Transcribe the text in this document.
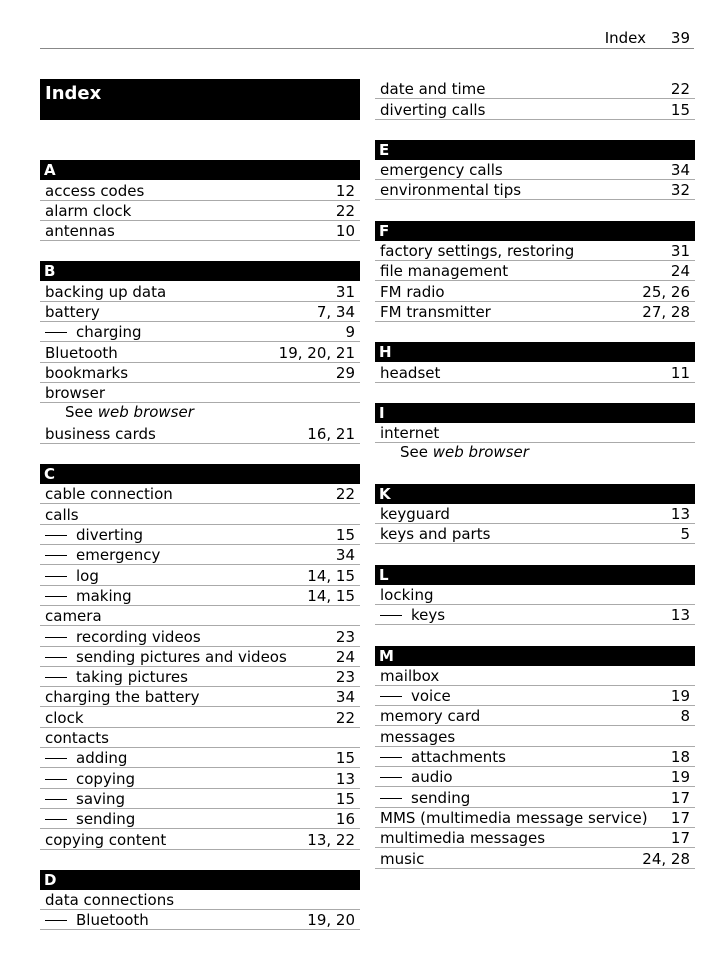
Index 39
Index
A
access codes	12
alarm clock	22
antennas	10
B
backing up data	31
battery	7, 34
charging	9
Bluetooth	19, 20, 21
bookmarks	29
browser
See web browser
business cards	16, 21
C
cable connection	22
calls
diverting	15
emergency	34
log	14, 15
making	14, 15
camera
recording videos	23
sending pictures and videos	24
taking pictures	23
charging the battery	34
clock	22
contacts
adding	15
copying	13
saving	15
sending	16
copying content	13, 22
D
data connections
Bluetooth	19, 20
date and time	22
diverting calls	15
E
emergency calls	34
environmental tips	32
F
factory settings, restoring	31
file management	24
FM radio	25, 26
FM transmitter	27, 28
H
headset	11
I
internet
See web browser
K
keyguard	13
keys and parts	5
L
locking
keys	13
M
mailbox
voice	19
memory card	8
messages
attachments	18
audio	19
sending	17
MMS (multimedia message service) 17
multimedia messages	17
music	24, 28
